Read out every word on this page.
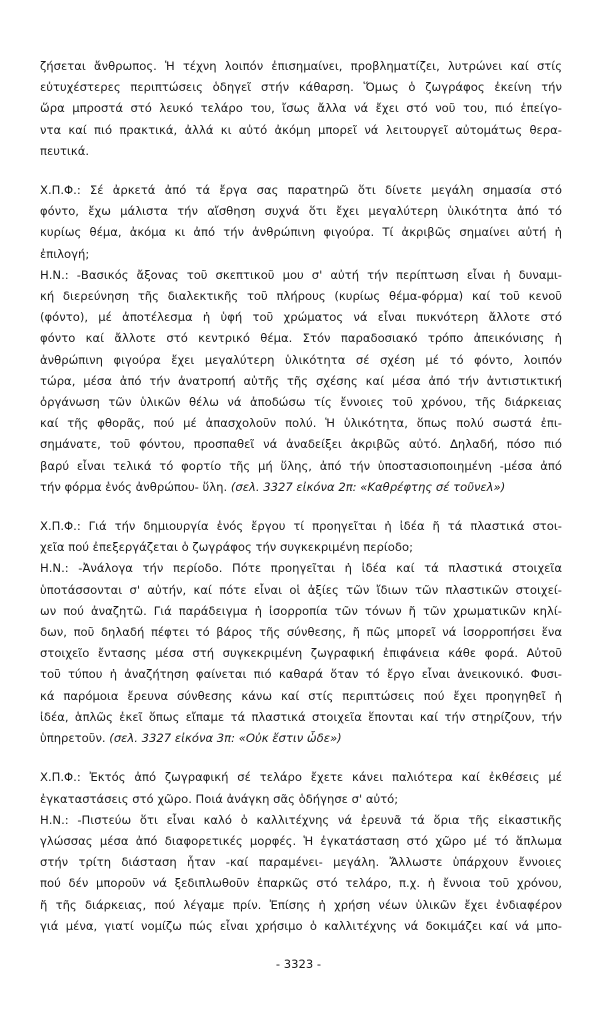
ζήσεται ἄνθρωπος. Ἡ τέχνη λοιπόν ἐπισημαίνει, προβληματίζει, λυτρώνει καί στίς
εὐτυχέστερες περιπτώσεις ὁδηγεῖ στήν κάθαρση. Ὅμως ὁ ζωγράφος ἐκείνη τήν
ὥρα μπροστά στό λευκό τελάρο του, ἴσως ἄλλα νά ἔχει στό νοῦ του, πιό ἐπείγο-
ντα καί πιό πρακτικά, ἀλλά κι αὐτό ἀκόμη μπορεῖ νά λειτουργεῖ αὐτομάτως θερα-
πευτικά.
Χ.Π.Φ.: Σέ ἀρκετά ἀπό τά ἔργα σας παρατηρῶ ὅτι δίνετε μεγάλη σημασία στό
φόντο, ἔχω μάλιστα τήν αἴσθηση συχνά ὅτι ἔχει μεγαλύτερη ὑλικότητα ἀπό τό
κυρίως θέμα, ἀκόμα κι ἀπό τήν ἀνθρώπινη φιγούρα. Τί ἀκριβῶς σημαίνει αὐτή ἡ
ἐπιλογή;
Η.Ν.: -Βασικός ἄξονας τοῦ σκεπτικοῦ μου σ' αὐτή τήν περίπτωση εἶναι ἡ δυναμι-
κή διερεύνηση τῆς διαλεκτικῆς τοῦ πλήρους (κυρίως θέμα-φόρμα) καί τοῦ κενοῦ
(φόντο), μέ ἀποτέλεσμα ἡ ὑφή τοῦ χρώματος νά εἶναι πυκνότερη ἄλλοτε στό
φόντο καί ἄλλοτε στό κεντρικό θέμα. Στόν παραδοσιακό τρόπο ἀπεικόνισης ἡ
ἀνθρώπινη φιγούρα ἔχει μεγαλύτερη ὑλικότητα σέ σχέση μέ τό φόντο, λοιπόν
τώρα, μέσα ἀπό τήν ἀνατροπή αὐτῆς τῆς σχέσης καί μέσα ἀπό τήν ἀντιστικτική
ὀργάνωση τῶν ὑλικῶν θέλω νά ἀποδώσω τίς ἔννοιες τοῦ χρόνου, τῆς διάρκειας
καί τῆς φθορᾶς, πού μέ ἀπασχολοῦν πολύ. Ἡ ὑλικότητα, ὅπως πολύ σωστά ἐπι-
σημάνατε, τοῦ φόντου, προσπαθεῖ νά ἀναδείξει ἀκριβῶς αὐτό. Δηλαδή, πόσο πιό
βαρύ εἶναι τελικά τό φορτίο τῆς μή ὕλης, ἀπό τήν ὑποστασιοποιημένη -μέσα ἀπό
τήν φόρμα ἑνός ἀνθρώπου- ὕλη. (σελ. 3327 εἰκόνα 2π: «Καθρέφτης σέ τοῦνελ»)
Χ.Π.Φ.: Γιά τήν δημιουργία ἑνός ἔργου τί προηγεῖται ἡ ἰδέα ἤ τά πλαστικά στοι-
χεῖα πού ἐπεξεργάζεται ὁ ζωγράφος τήν συγκεκριμένη περίοδο;
Η.Ν.: -Ἀνάλογα τήν περίοδο. Πότε προηγεῖται ἡ ἰδέα καί τά πλαστικά στοιχεῖα
ὑποτάσσονται σ' αὐτήν, καί πότε εἶναι οἱ ἀξίες τῶν ἴδιων τῶν πλαστικῶν στοιχεί-
ων πού ἀναζητῶ. Γιά παράδειγμα ἡ ἰσορροπία τῶν τόνων ἤ τῶν χρωματικῶν κηλί-
δων, ποῦ δηλαδή πέφτει τό βάρος τῆς σύνθεσης, ἤ πῶς μπορεῖ νά ἰσορροπήσει ἕνα
στοιχεῖο ἔντασης μέσα στή συγκεκριμένη ζωγραφική ἐπιφάνεια κάθε φορά. Αὐτοῦ
τοῦ τύπου ἡ ἀναζήτηση φαίνεται πιό καθαρά ὅταν τό ἔργο εἶναι ἀνεικονικό. Φυσι-
κά παρόμοια ἔρευνα σύνθεσης κάνω καί στίς περιπτώσεις πού ἔχει προηγηθεῖ ἡ
ἰδέα, ἁπλῶς ἐκεῖ ὅπως εἴπαμε τά πλαστικά στοιχεῖα ἕπονται καί τήν στηρίζουν, τήν
ὑπηρετοῦν. (σελ. 3327 εἰκόνα 3π: «Οὐκ ἔστιν ὧδε»)
Χ.Π.Φ.: Ἐκτός ἀπό ζωγραφική σέ τελάρο ἔχετε κάνει παλιότερα καί ἐκθέσεις μέ
ἐγκαταστάσεις στό χῶρο. Ποιά ἀνάγκη σᾶς ὁδήγησε σ' αὐτό;
Η.Ν.: -Πιστεύω ὅτι εἶναι καλό ὁ καλλιτέχνης νά ἐρευνᾶ τά ὅρια τῆς εἰκαστικῆς
γλώσσας μέσα ἀπό διαφορετικές μορφές. Ἡ ἐγκατάσταση στό χῶρο μέ τό ἅπλωμα
στήν τρίτη διάσταση ἦταν -καί παραμένει- μεγάλη. Ἄλλωστε ὑπάρχουν ἔννοιες
πού δέν μποροῦν νά ξεδιπλωθοῦν ἐπαρκῶς στό τελάρο, π.χ. ἡ ἔννοια τοῦ χρόνου,
ἤ τῆς διάρκειας, πού λέγαμε πρίν. Ἐπίσης ἡ χρήση νέων ὑλικῶν ἔχει ἐνδιαφέρον
γιά μένα, γιατί νομίζω πώς εἶναι χρήσιμο ὁ καλλιτέχνης νά δοκιμάζει καί νά μπο-
- 3323 -
